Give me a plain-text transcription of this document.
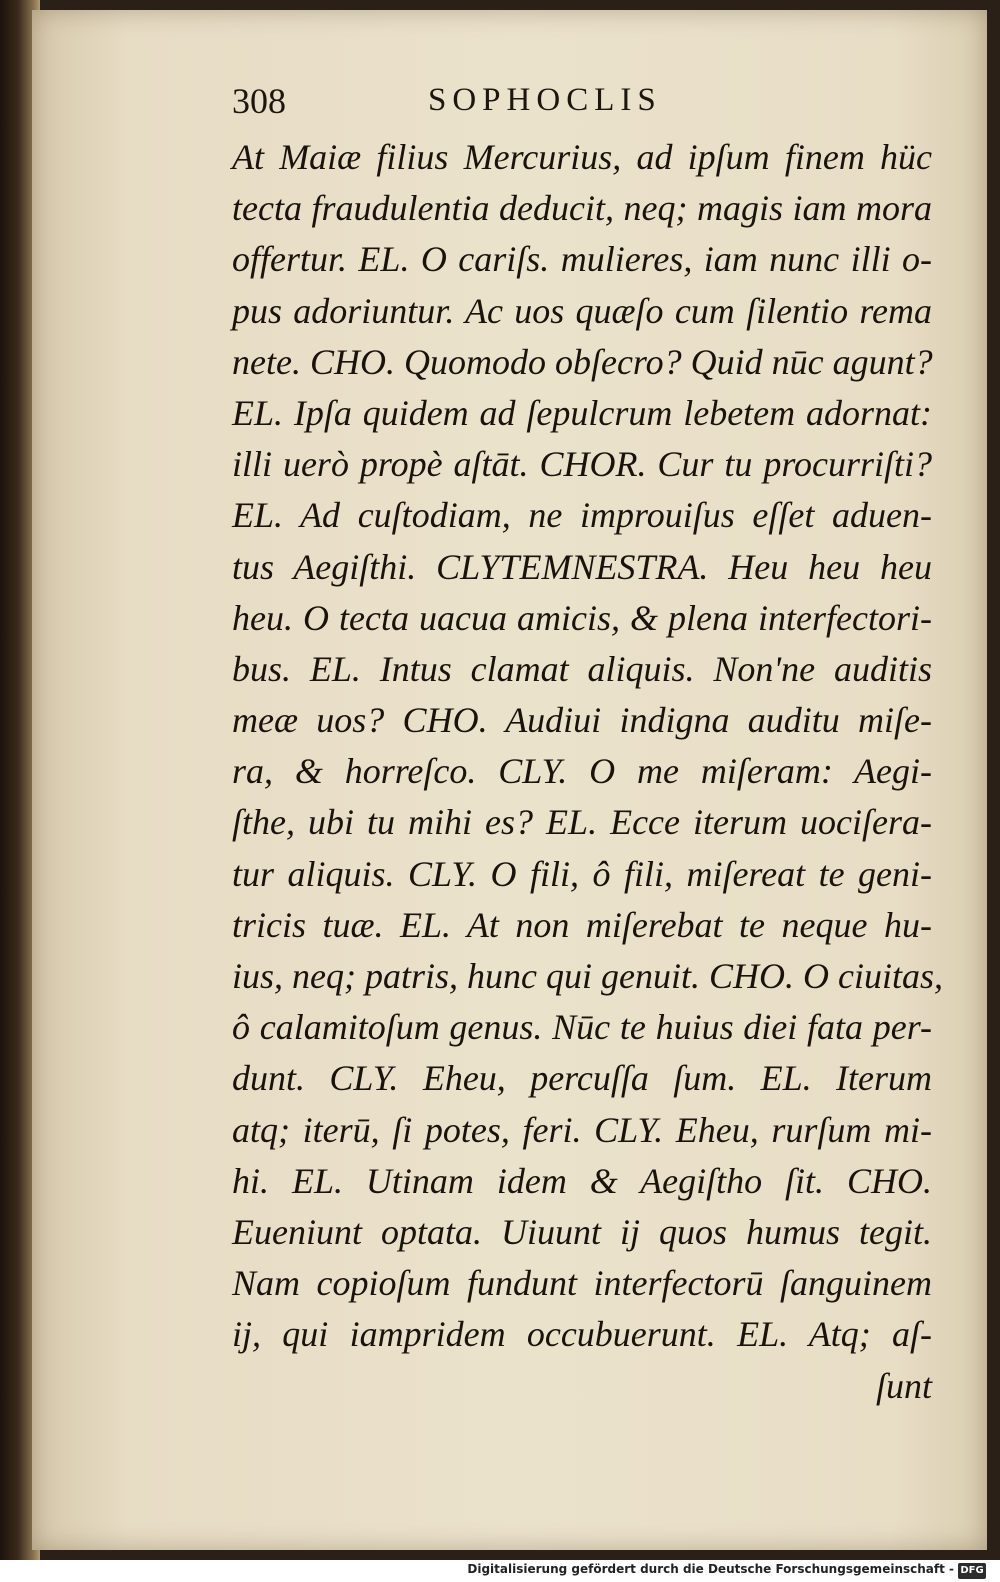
308	SOPHOCLIS
At Maiæ filius Mercurius, ad ipſum finem hüc
tecta fraudulentia deducit, neq; magis iam mora
offertur. EL. O cariſs. mulieres, iam nunc illi o-
pus adoriuntur. Ac uos quæſo cum ſilentio rema
nete. CHO. Quomodo obſecro? Quid nūc agunt?
EL. Ipſa quidem ad ſepulcrum lebetem adornat:
illi uerò propè aſtāt. CHOR. Cur tu procurriſti?
EL. Ad cuſtodiam, ne improuiſus eſſet aduen-
tus Aegiſthi. CLYTEMNESTRA. Heu heu heu
heu. O tecta uacua amicis, & plena interfectori-
bus. EL. Intus clamat aliquis. Non'ne auditis
meæ uos? CHO. Audiui indigna auditu miſe-
ra, & horreſco. CLY. O me miſeram: Aegi-
ſthe, ubi tu mihi es? EL. Ecce iterum uociſera-
tur aliquis. CLY. O fili, ô fili, miſereat te geni-
tricis tuæ. EL. At non miſerebat te neque hu-
ius, neq; patris, hunc qui genuit. CHO. O ciuitas,
ô calamitoſum genus. Nūc te huius diei fata per-
dunt. CLY. Eheu, percuſſa ſum. EL. Iterum
atq; iterū, ſi potes, feri. CLY. Eheu, rurſum mi-
hi. EL. Utinam idem & Aegiſtho ſit. CHO.
Eueniunt optata. Uiuunt ij quos humus tegit.
Nam copioſum fundunt interfectorū ſanguinem
ij, qui iampridem occubuerunt. EL. Atq; aſ-
ſunt
Digitalisierung gefördert durch die Deutsche Forschungsgemeinschaft - DFG
